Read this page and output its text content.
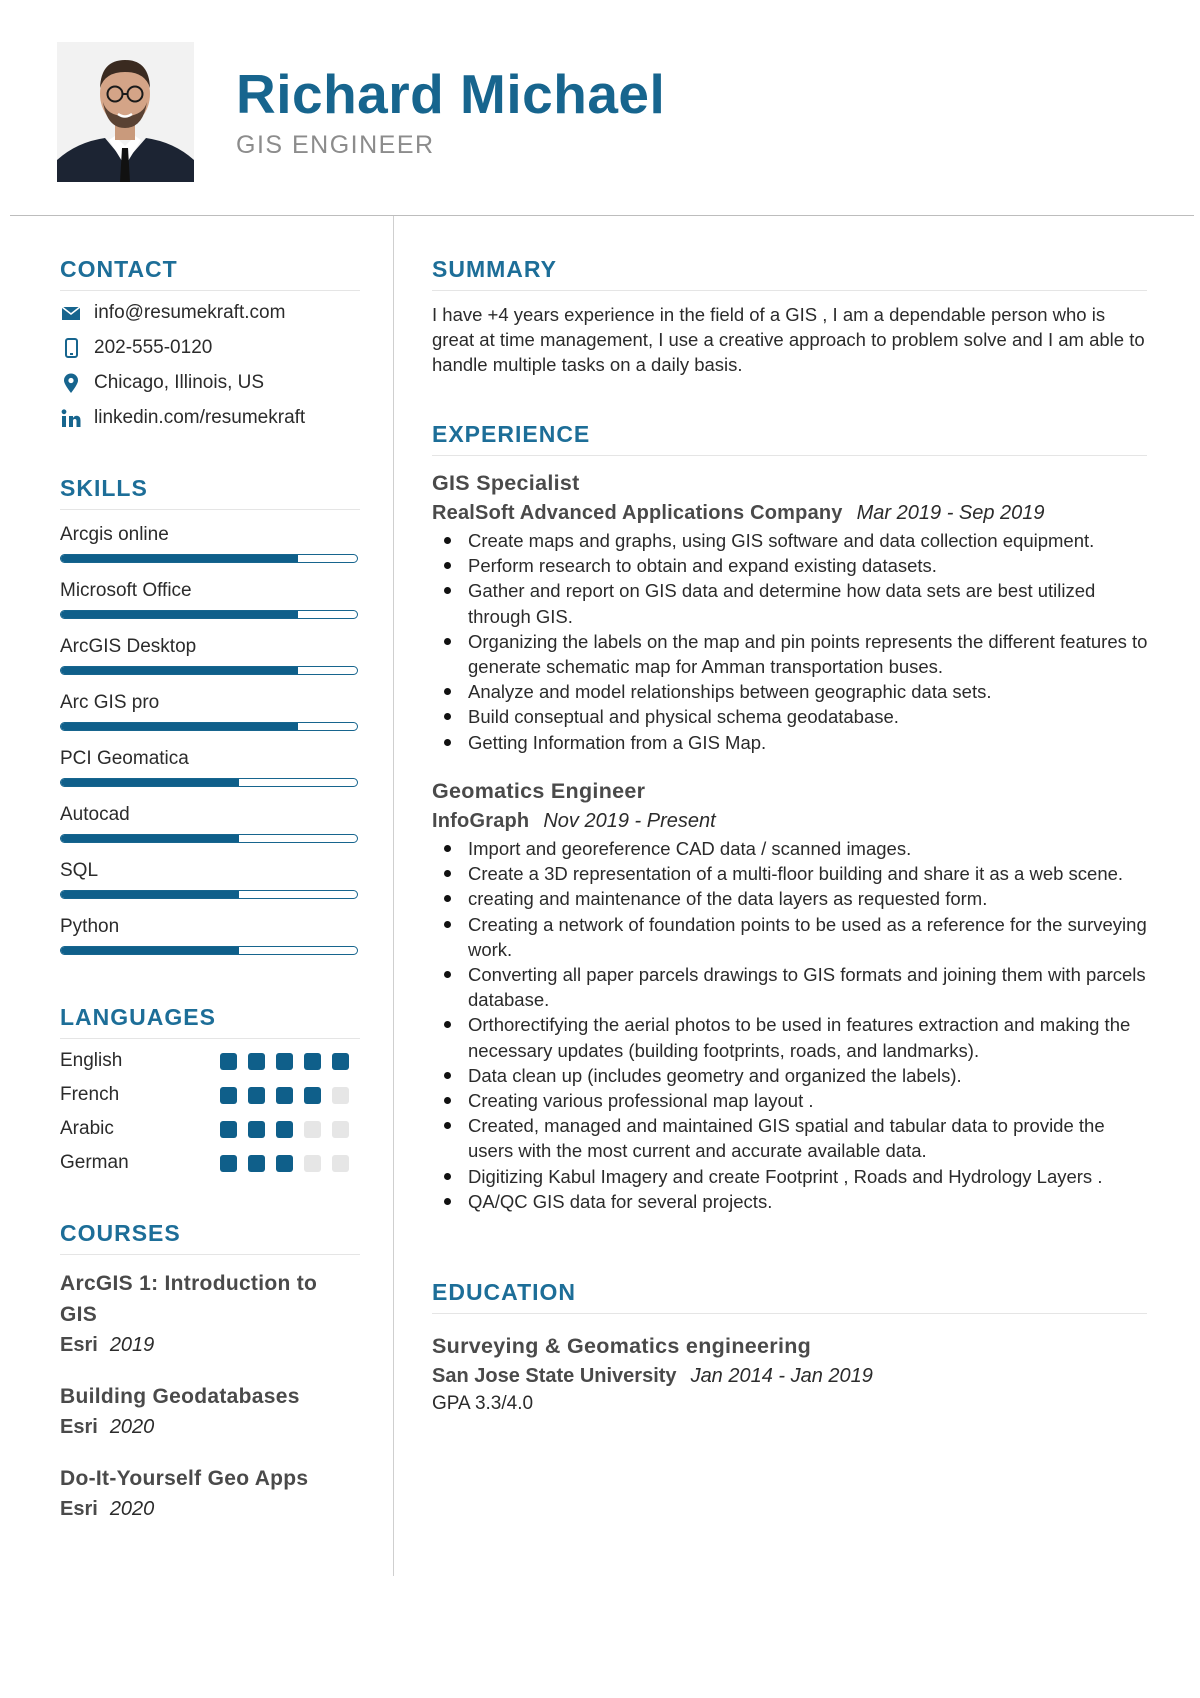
Richard Michael
GIS ENGINEER
CONTACT
info@resumekraft.com
202-555-0120
Chicago, Illinois, US
linkedin.com/resumekraft
SKILLS
Arcgis online
Microsoft Office
ArcGIS Desktop
Arc GIS pro
PCI Geomatica
Autocad
SQL
Python
LANGUAGES
English
French
Arabic
German
COURSES
ArcGIS 1: Introduction to GIS
Esri 2019
Building Geodatabases
Esri 2020
Do-It-Yourself Geo Apps
Esri 2020
SUMMARY
I have +4 years experience in the field of a GIS , I am a dependable person who is great at time management, I use a creative approach to problem solve and I am able to handle multiple tasks on a daily basis.
EXPERIENCE
GIS Specialist
RealSoft Advanced Applications Company Mar 2019 - Sep 2019
Create maps and graphs, using GIS software and data collection equipment.
Perform research to obtain and expand existing datasets.
Gather and report on GIS data and determine how data sets are best utilized through GIS.
Organizing the labels on the map and pin points represents the different features to generate schematic map for Amman transportation buses.
Analyze and model relationships between geographic data sets.
Build conseptual and physical schema geodatabase.
Getting Information from a GIS Map.
Geomatics Engineer
InfoGraph Nov 2019 - Present
Import and georeference CAD data / scanned images.
Create a 3D representation of a multi-floor building and share it as a web scene.
creating and maintenance of the data layers as requested form.
Creating a network of foundation points to be used as a reference for the surveying work.
Converting all paper parcels drawings to GIS formats and joining them with parcels database.
Orthorectifying the aerial photos to be used in features extraction and making the necessary updates (building footprints, roads, and landmarks).
Data clean up (includes geometry and organized the labels).
Creating various professional map layout .
Created, managed and maintained GIS spatial and tabular data to provide the users with the most current and accurate available data.
Digitizing Kabul Imagery and create Footprint , Roads and Hydrology Layers .
QA/QC GIS data for several projects.
EDUCATION
Surveying & Geomatics engineering
San Jose State University Jan 2014 - Jan 2019
GPA 3.3/4.0
